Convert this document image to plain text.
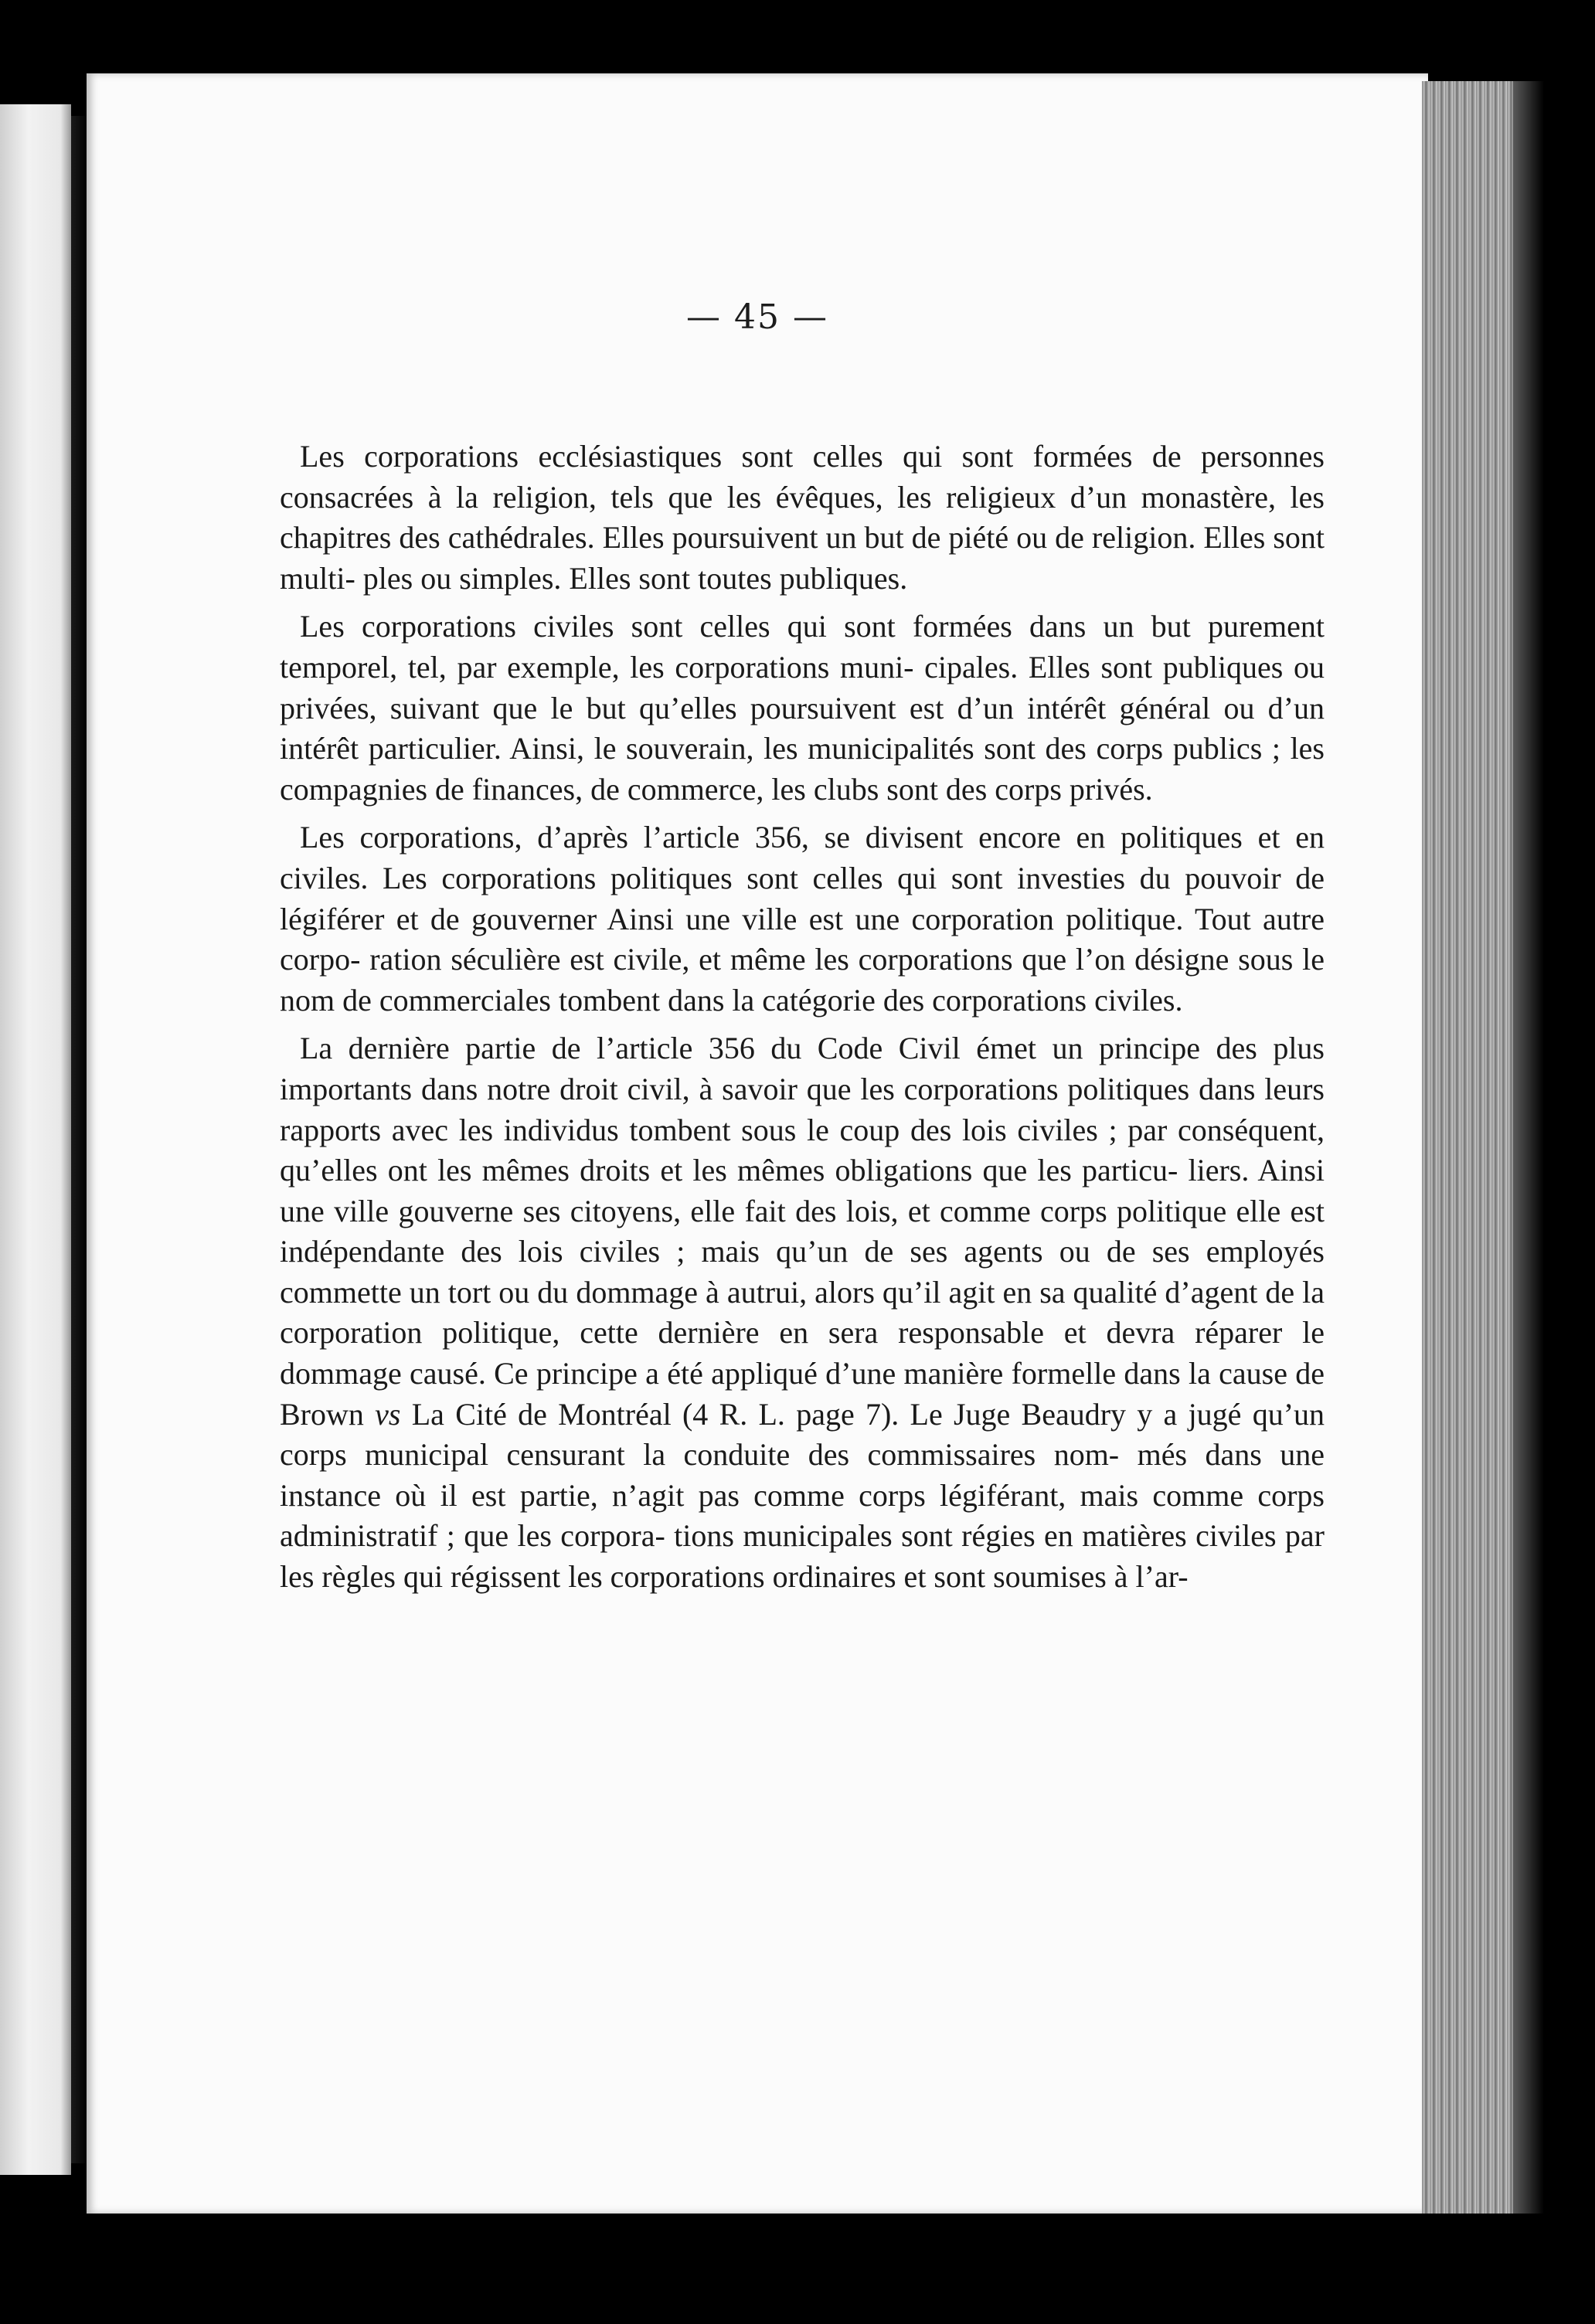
— 45 —

Les corporations ecclésiastiques sont celles qui sont formées de personnes consacrées à la religion, tels que les évêques, les religieux d’un monastère, les chapitres des cathédrales. Elles poursuivent un but de piété ou de religion. Elles sont multi- ples ou simples. Elles sont toutes publiques.

Les corporations civiles sont celles qui sont formées dans un but purement temporel, tel, par exemple, les corporations muni- cipales. Elles sont publiques ou privées, suivant que le but qu’elles poursuivent est d’un intérêt général ou d’un intérêt particulier. Ainsi, le souverain, les municipalités sont des corps publics ; les compagnies de finances, de commerce, les clubs sont des corps privés.

Les corporations, d’après l’article 356, se divisent encore en politiques et en civiles. Les corporations politiques sont celles qui sont investies du pouvoir de légiférer et de gouverner Ainsi une ville est une corporation politique. Tout autre corpo- ration séculière est civile, et même les corporations que l’on désigne sous le nom de commerciales tombent dans la catégorie des corporations civiles.

La dernière partie de l’article 356 du Code Civil émet un principe des plus importants dans notre droit civil, à savoir que les corporations politiques dans leurs rapports avec les individus tombent sous le coup des lois civiles ; par conséquent, qu’elles ont les mêmes droits et les mêmes obligations que les particu- liers. Ainsi une ville gouverne ses citoyens, elle fait des lois, et comme corps politique elle est indépendante des lois civiles ; mais qu’un de ses agents ou de ses employés commette un tort ou du dommage à autrui, alors qu’il agit en sa qualité d’agent de la corporation politique, cette dernière en sera responsable et devra réparer le dommage causé. Ce principe a été appliqué d’une manière formelle dans la cause de Brown vs La Cité de Montréal (4 R. L. page 7). Le Juge Beaudry y a jugé qu’un corps municipal censurant la conduite des commissaires nom- més dans une instance où il est partie, n’agit pas comme corps légiférant, mais comme corps administratif ; que les corpora- tions municipales sont régies en matières civiles par les règles qui régissent les corporations ordinaires et sont soumises à l’ar-
